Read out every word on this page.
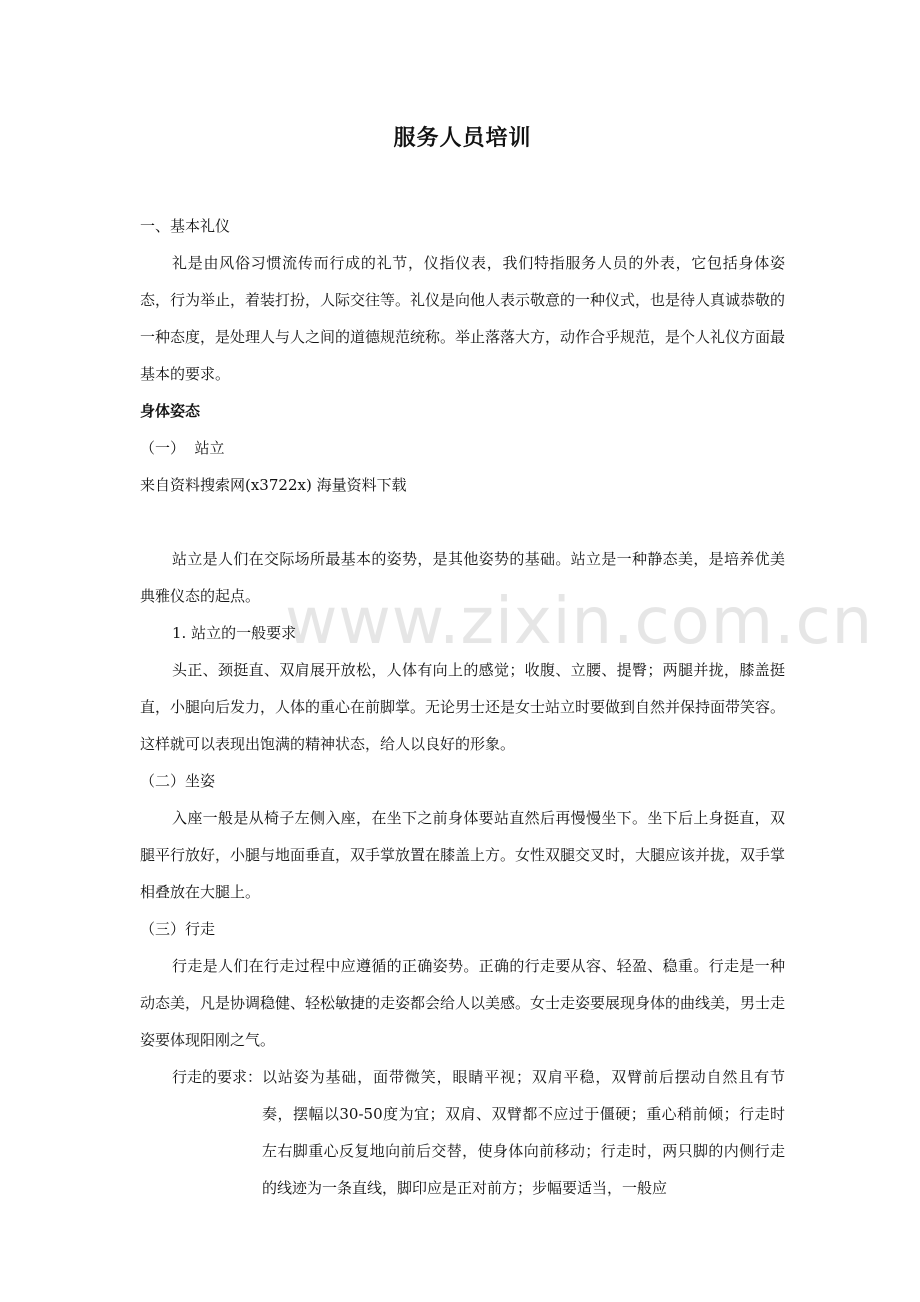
www.zixin.com.cn
服务人员培训

一、基本礼仪

礼是由风俗习惯流传而行成的礼节，仪指仪表，我们特指服务人员的外表，它包括身体姿态，行为举止，着装打扮，人际交往等。礼仪是向他人表示敬意的一种仪式，也是待人真诚恭敬的一种态度，是处理人与人之间的道德规范统称。举止落落大方，动作合乎规范，是个人礼仪方面最基本的要求。

身体姿态

（一）  站立

来自资料搜索网(x3722x) 海量资料下载

站立是人们在交际场所最基本的姿势，是其他姿势的基础。站立是一种静态美，是培养优美典雅仪态的起点。

1. 站立的一般要求

头正、颈挺直、双肩展开放松，人体有向上的感觉；收腹、立腰、提臀；两腿并拢，膝盖挺直，小腿向后发力，人体的重心在前脚掌。无论男士还是女士站立时要做到自然并保持面带笑容。这样就可以表现出饱满的精神状态，给人以良好的形象。

（二）坐姿

入座一般是从椅子左侧入座，在坐下之前身体要站直然后再慢慢坐下。坐下后上身挺直，双腿平行放好，小腿与地面垂直，双手掌放置在膝盖上方。女性双腿交叉时，大腿应该并拢，双手掌相叠放在大腿上。

（三）行走

行走是人们在行走过程中应遵循的正确姿势。正确的行走要从容、轻盈、稳重。行走是一种动态美，凡是协调稳健、轻松敏捷的走姿都会给人以美感。女士走姿要展现身体的曲线美，男士走姿要体现阳刚之气。

行走的要求： 以站姿为基础，面带微笑，眼睛平视；双肩平稳，双臂前后摆动自然且有节奏，摆幅以30-50度为宜；双肩、双臂都不应过于僵硬；重心稍前倾；行走时左右脚重心反复地向前后交替，使身体向前移动；行走时，两只脚的内侧行走的线迹为一条直线，脚印应是正对前方；步幅要适当，一般应
